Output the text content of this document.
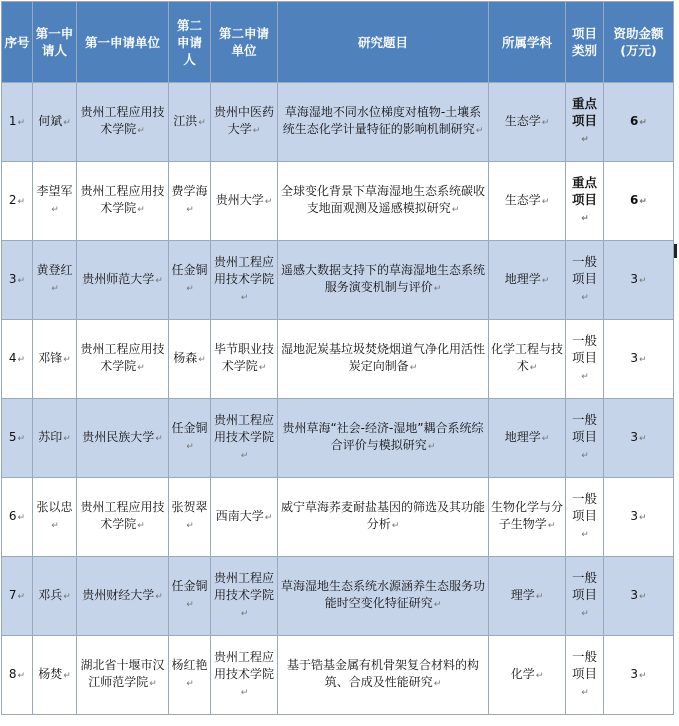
序号	第一申请人	第一申请单位	第二申请人	第二申请单位	研究题目	所属学科	项目类别	资助金额(万元)
1↵	何斌↵	贵州工程应用技术学院↵	江洪↵	贵州中医药大学↵	草海湿地不同水位梯度对植物-土壤系统生态化学计量特征的影响机制研究↵	生态学↵	重点项目↵	6↵
2↵	李望军↵	贵州工程应用技术学院↵	费学海↵	贵州大学↵	全球变化背景下草海湿地生态系统碳收支地面观测及遥感模拟研究↵	生态学↵	重点项目↵	6↵
3↵	黄登红↵	贵州师范大学↵	任金铜↵	贵州工程应用技术学院↵	遥感大数据支持下的草海湿地生态系统服务演变机制与评价↵	地理学↵	一般项目↵	3↵
4↵	邓锋↵	贵州工程应用技术学院↵	杨森↵	毕节职业技术学院↵	湿地泥炭基垃圾焚烧烟道气净化用活性炭定向制备↵	化学工程与技术↵	一般项目↵	3↵
5↵	苏印↵	贵州民族大学↵	任金铜↵	贵州工程应用技术学院↵	贵州草海“社会-经济-湿地”耦合系统综合评价与模拟研究↵	地理学↵	一般项目↵	3↵
6↵	张以忠↵	贵州工程应用技术学院↵	张贺翠↵	西南大学↵	威宁草海荞麦耐盐基因的筛选及其功能分析↵	生物化学与分子生物学↵	一般项目↵	3↵
7↵	邓兵↵	贵州财经大学↵	任金铜↵	贵州工程应用技术学院↵	草海湿地生态系统水源涵养生态服务功能时空变化特征研究↵	理学↵	一般项目↵	3↵
8↵	杨焚↵	湖北省十堰市汉江师范学院↵	杨红艳↵	贵州工程应用技术学院↵	基于锆基金属有机骨架复合材料的构筑、合成及性能研究↵	化学↵	一般项目↵	3↵
